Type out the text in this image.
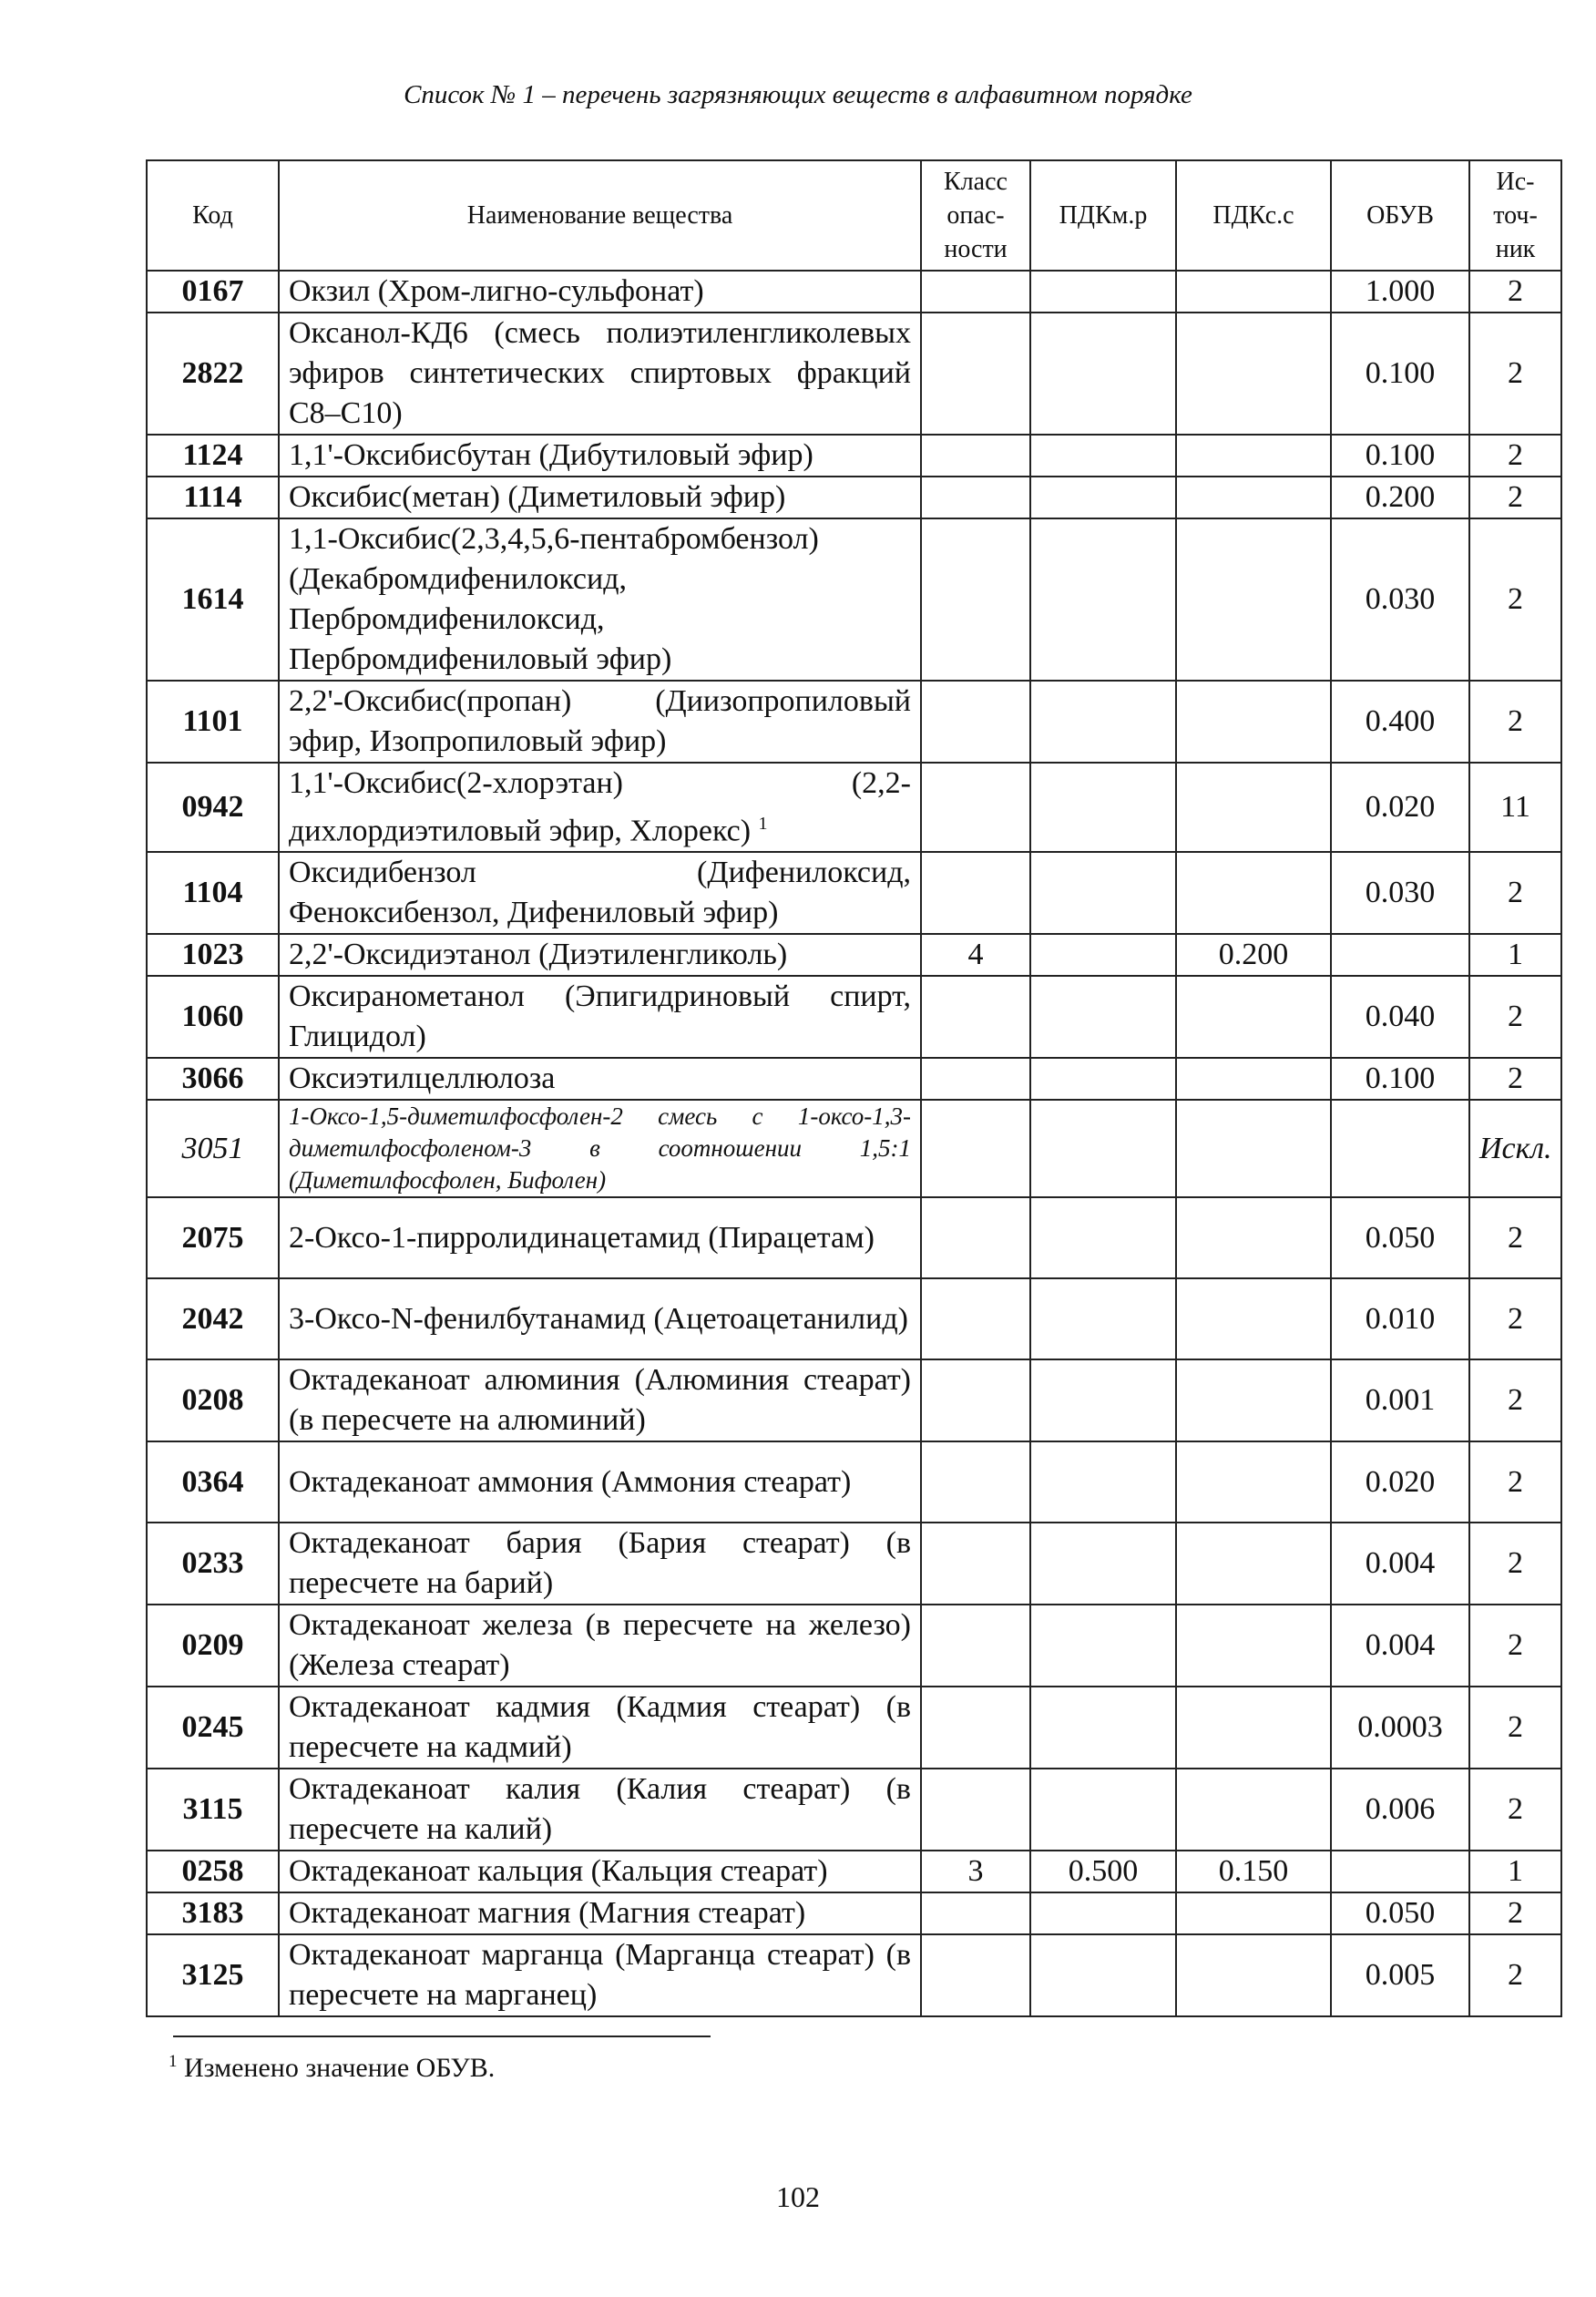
Список № 1 – перечень загрязняющих веществ в алфавитном порядке
Код	Наименование вещества	Класс опас-ности	ПДКм.р	ПДКс.с	ОБУВ	Ис-точ-ник
0167	Окзил (Хром-лигно-сульфонат)				1.000	2
2822	Оксанол-КД6 (смесь полиэтиленгликолевых эфиров синтетических спиртовых фракций C8–C10)				0.100	2
1124	1,1'-Оксибисбутан (Дибутиловый эфир)				0.100	2
1114	Оксибис(метан) (Диметиловый эфир)				0.200	2
1614	1,1-Оксибис(2,3,4,5,6-пентабромбензол) (Декабромдифенилоксид, Пербромдифенилоксид, Пербромдифениловый эфир)				0.030	2
1101	2,2'-Оксибис(пропан) (Диизопропиловый эфир, Изопропиловый эфир)				0.400	2
0942	1,1'-Оксибис(2-хлорэтан) (2,2-дихлордиэтиловый эфир, Хлорекс) $^1$				0.020	11
1104	Оксидибензол (Дифенилоксид, Феноксибензол, Дифениловый эфир)				0.030	2
1023	2,2'-Оксидиэтанол (Диэтиленгликоль)	4		0.200		1
1060	Оксиранометанол (Эпигидриновый спирт, Глицидол)				0.040	2
3066	Оксиэтилцеллюлоза				0.100	2
3051	1-Оксо-1,5-диметилфосфолен-2 смесь с 1-оксо-1,3-диметилфосфоленом-3 в соотношении 1,5:1 (Диметилфосфолен, Бифолен)					Искл.
2075	2-Оксо-1-пирролидинацетамид (Пирацетам)				0.050	2
2042	3-Оксо-N-фенилбутанамид (Ацетоацетанилид)				0.010	2
0208	Октадеканоат алюминия (Алюминия стеарат) (в пересчете на алюминий)				0.001	2
0364	Октадеканоат аммония (Аммония стеарат)				0.020	2
0233	Октадеканоат бария (Бария стеарат) (в пересчете на барий)				0.004	2
0209	Октадеканоат железа (в пересчете на железо) (Железа стеарат)				0.004	2
0245	Октадеканоат кадмия (Кадмия стеарат) (в пересчете на кадмий)				0.0003	2
3115	Октадеканоат калия (Калия стеарат) (в пересчете на калий)				0.006	2
0258	Октадеканоат кальция (Кальция стеарат)	3	0.500	0.150		1
3183	Октадеканоат магния (Магния стеарат)				0.050	2
3125	Октадеканоат марганца (Марганца стеарат) (в пересчете на марганец)				0.005	2
$^1$ Изменено значение ОБУВ.
102
